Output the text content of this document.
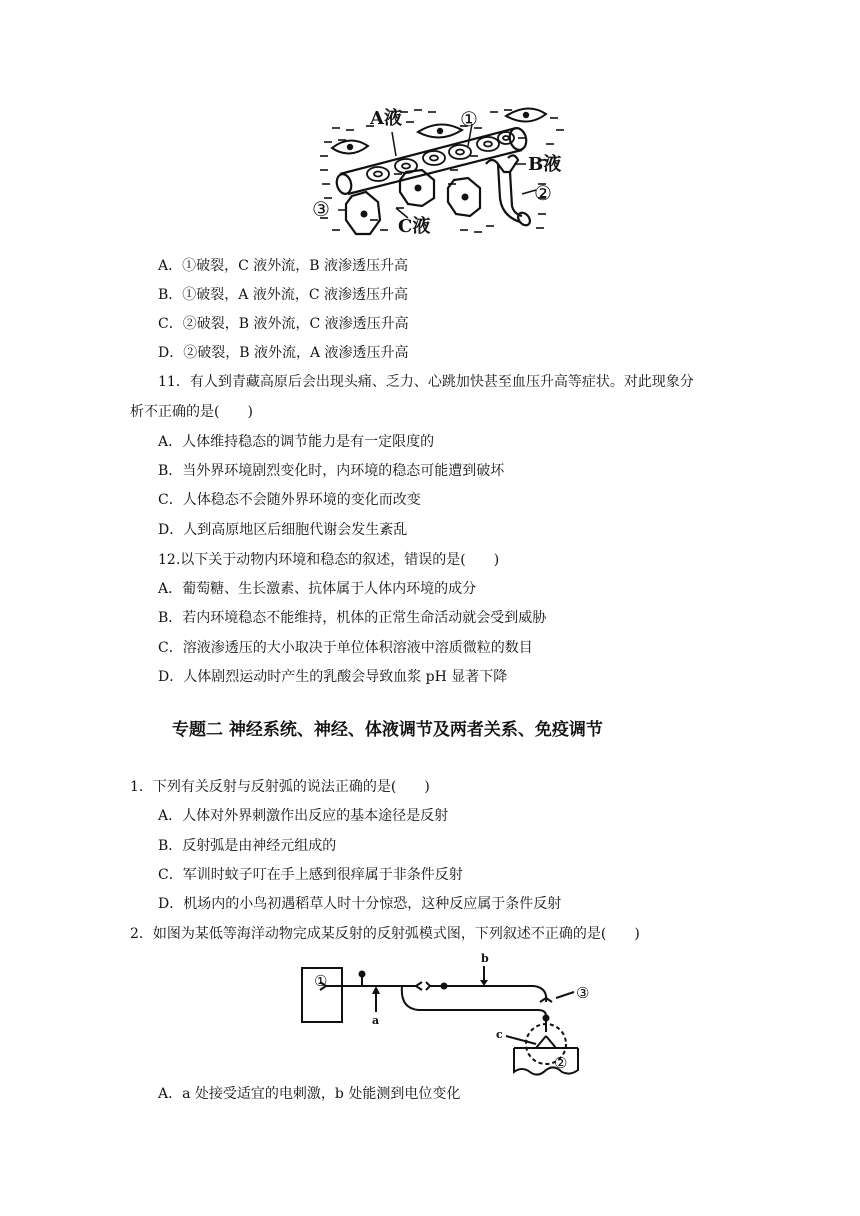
A液	①
B液
②
③
C液
A．①破裂，C 液外流，B 液渗透压升高
B．①破裂，A 液外流，C 液渗透压升高
C．②破裂，B 液外流，C 液渗透压升高
D．②破裂，B 液外流，A 液渗透压升高
11．有人到青藏高原后会出现头痛、乏力、心跳加快甚至血压升高等症状。对此现象分
析不正确的是(　　)
A．人体维持稳态的调节能力是有一定限度的
B．当外界环境剧烈变化时，内环境的稳态可能遭到破坏
C．人体稳态不会随外界环境的变化而改变
D．人到高原地区后细胞代谢会发生紊乱
12.以下关于动物内环境和稳态的叙述，错误的是(　　)
A．葡萄糖、生长激素、抗体属于人体内环境的成分
B．若内环境稳态不能维持，机体的正常生命活动就会受到威胁
C．溶液渗透压的大小取决于单位体积溶液中溶质微粒的数目
D．人体剧烈运动时产生的乳酸会导致血浆 pH 显著下降
专题二 神经系统、神经、体液调节及两者关系、免疫调节
1．下列有关反射与反射弧的说法正确的是(　　)
A．人体对外界刺激作出反应的基本途径是反射
B．反射弧是由神经元组成的
C．军训时蚊子叮在手上感到很痒属于非条件反射
D．机场内的小鸟初遇稻草人时十分惊恐，这种反应属于条件反射
2．如图为某低等海洋动物完成某反射的反射弧模式图，下列叙述不正确的是(　　)
①
a
b
③
c
②
A．a 处接受适宜的电刺激，b 处能测到电位变化
